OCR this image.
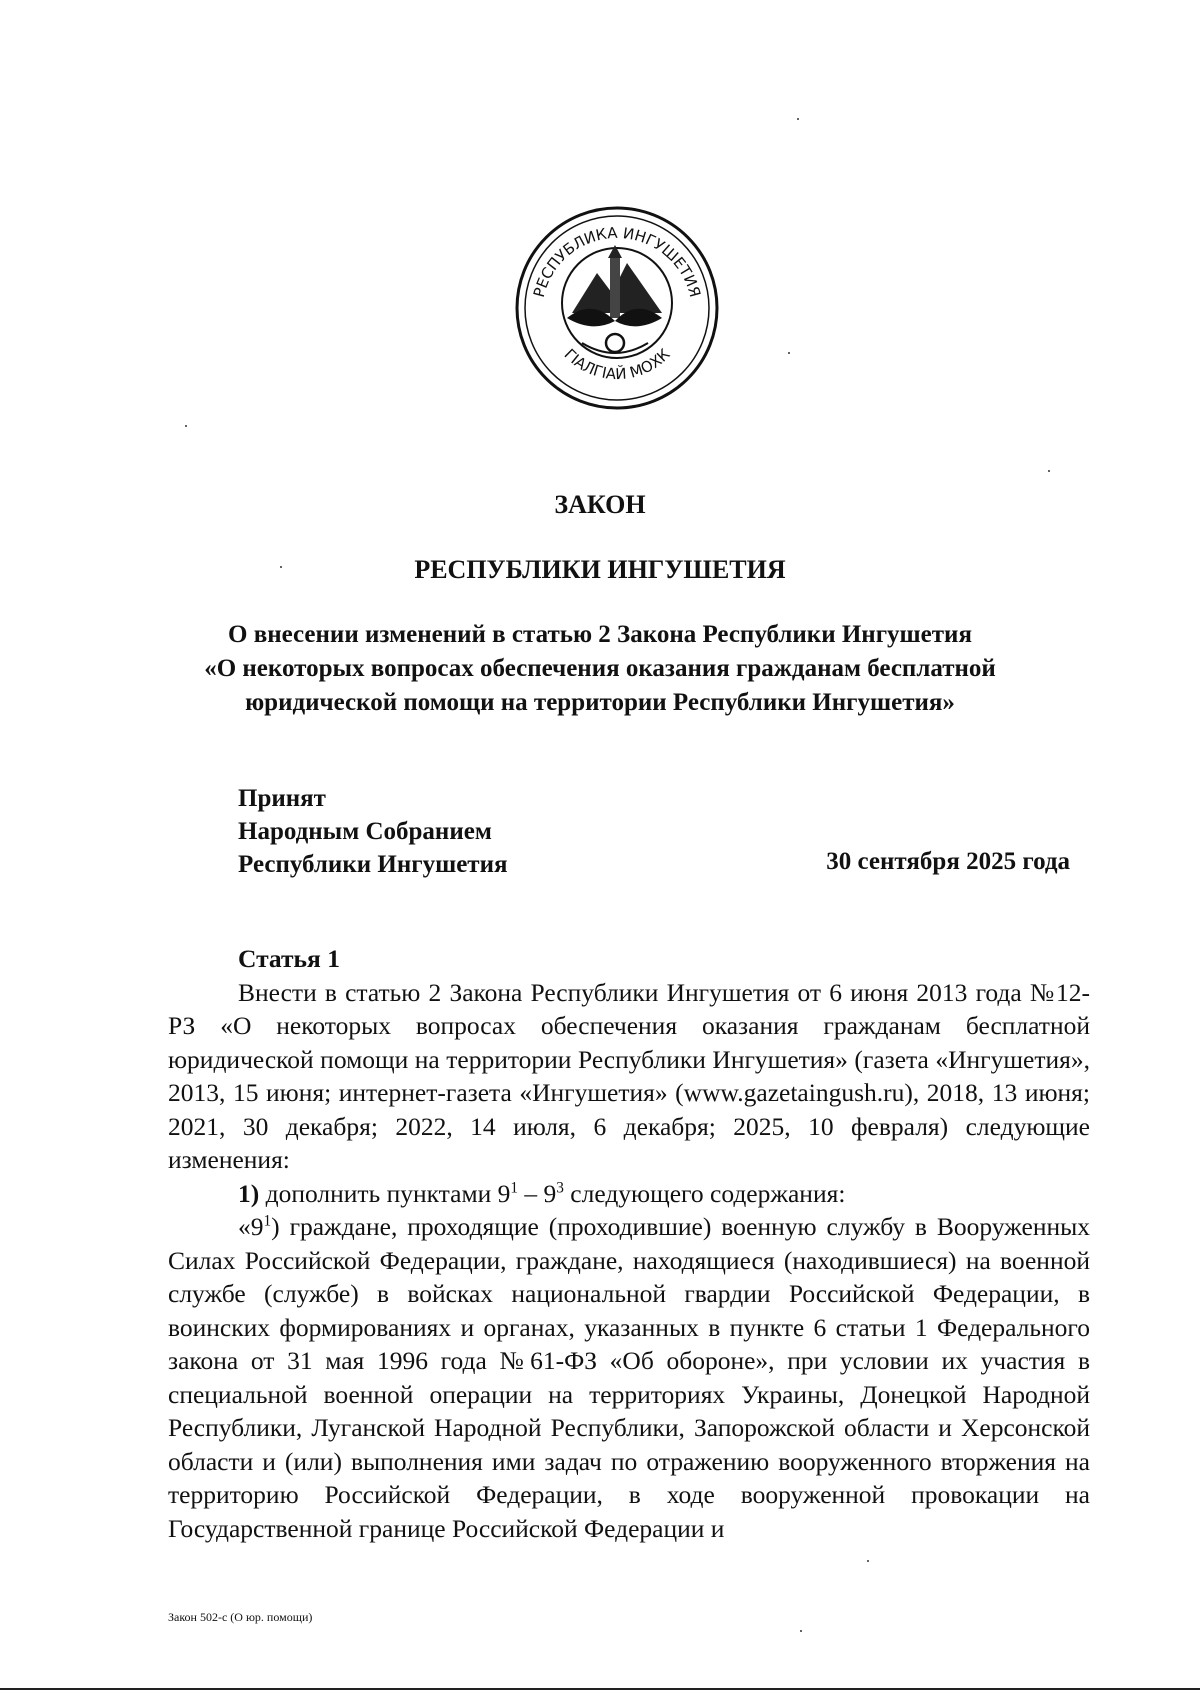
РЕСПУБЛИКА ИНГУШЕТИЯ
ГӀАЛГӀАЙ МОХК
ЗАКОН
РЕСПУБЛИКИ ИНГУШЕТИЯ
О внесении изменений в статью 2 Закона Республики Ингушетия
«О некоторых вопросах обеспечения оказания гражданам бесплатной
юридической помощи на территории Республики Ингушетия»
Принят
Народным Собранием
Республики Ингушетия	30 сентября 2025 года

Статья 1

Внести в статью 2 Закона Республики Ингушетия от 6 июня 2013 года №12-РЗ «О некоторых вопросах обеспечения оказания гражданам бесплатной юридической помощи на территории Республики Ингушетия» (газета «Ингушетия», 2013, 15 июня; интернет-газета «Ингушетия» (www.gazetaingush.ru), 2018, 13 июня; 2021, 30 декабря; 2022, 14 июля, 6 декабря; 2025, 10 февраля) следующие изменения:

1) дополнить пунктами $9^1 - 9^3$ следующего содержания:

«$9^1$) граждане, проходящие (проходившие) военную службу в Вооруженных Силах Российской Федерации, граждане, находящиеся (находившиеся) на военной службе (службе) в войсках национальной гвардии Российской Федерации, в воинских формированиях и органах, указанных в пункте 6 статьи 1 Федерального закона от 31 мая 1996 года №61-ФЗ «Об обороне», при условии их участия в специальной военной операции на территориях Украины, Донецкой Народной Республики, Луганской Народной Республики, Запорожской области и Херсонской области и (или) выполнения ими задач по отражению вооруженного вторжения на территорию Российской Федерации, в ходе вооруженной провокации на Государственной границе Российской Федерации и

Закон 502-с (О юр. помощи)
